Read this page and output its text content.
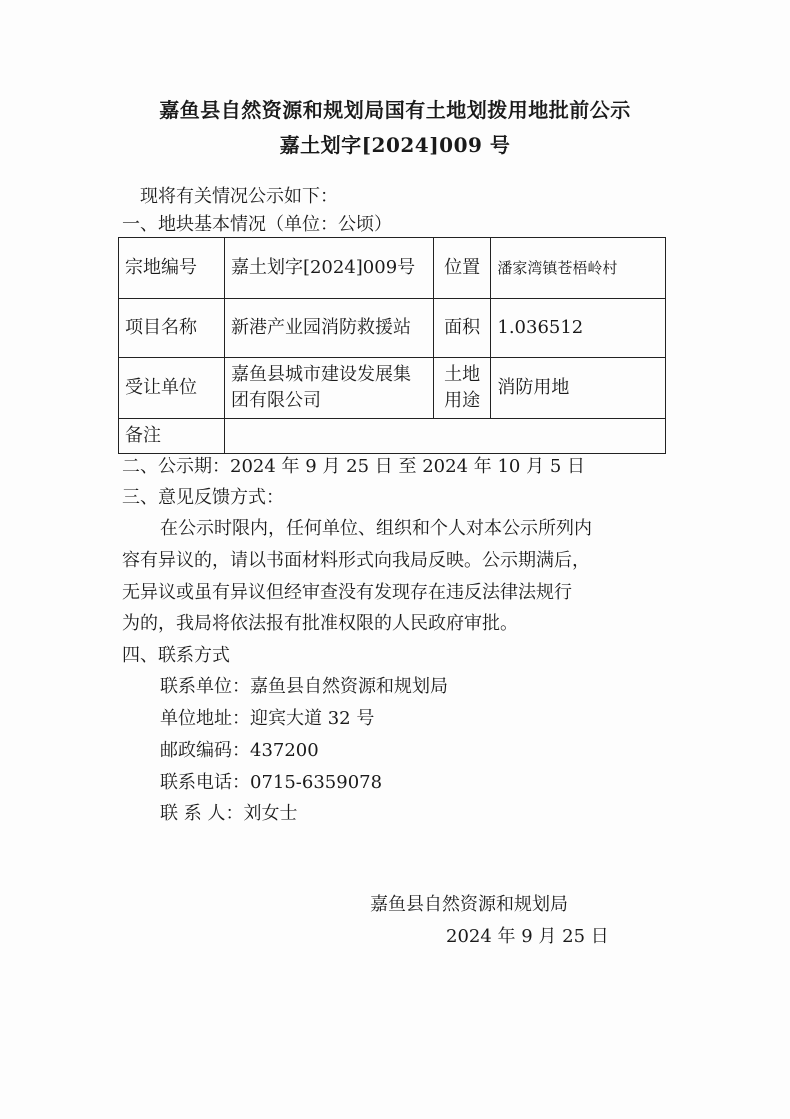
嘉鱼县自然资源和规划局国有土地划拨用地批前公示
嘉土划字[2024]009 号
现将有关情况公示如下：
一、地块基本情况（单位：公顷）
宗地编号	嘉土划字[2024]009号	位置	潘家湾镇苍梧岭村
项目名称	新港产业园消防救援站	面积	1.036512
受让单位	嘉鱼县城市建设发展集团有限公司	土地用途	消防用地
备注			
二、公示期：2024 年 9 月 25 日 至 2024 年 10 月 5 日
三、意见反馈方式：
在公示时限内，任何单位、组织和个人对本公示所列内
容有异议的，请以书面材料形式向我局反映。公示期满后，
无异议或虽有异议但经审查没有发现存在违反法律法规行
为的，我局将依法报有批准权限的人民政府审批。
四、联系方式
联系单位：嘉鱼县自然资源和规划局
单位地址：迎宾大道 32 号
邮政编码：437200
联系电话：0715-6359078
联 系 人：刘女士
嘉鱼县自然资源和规划局
2024 年 9 月 25 日
